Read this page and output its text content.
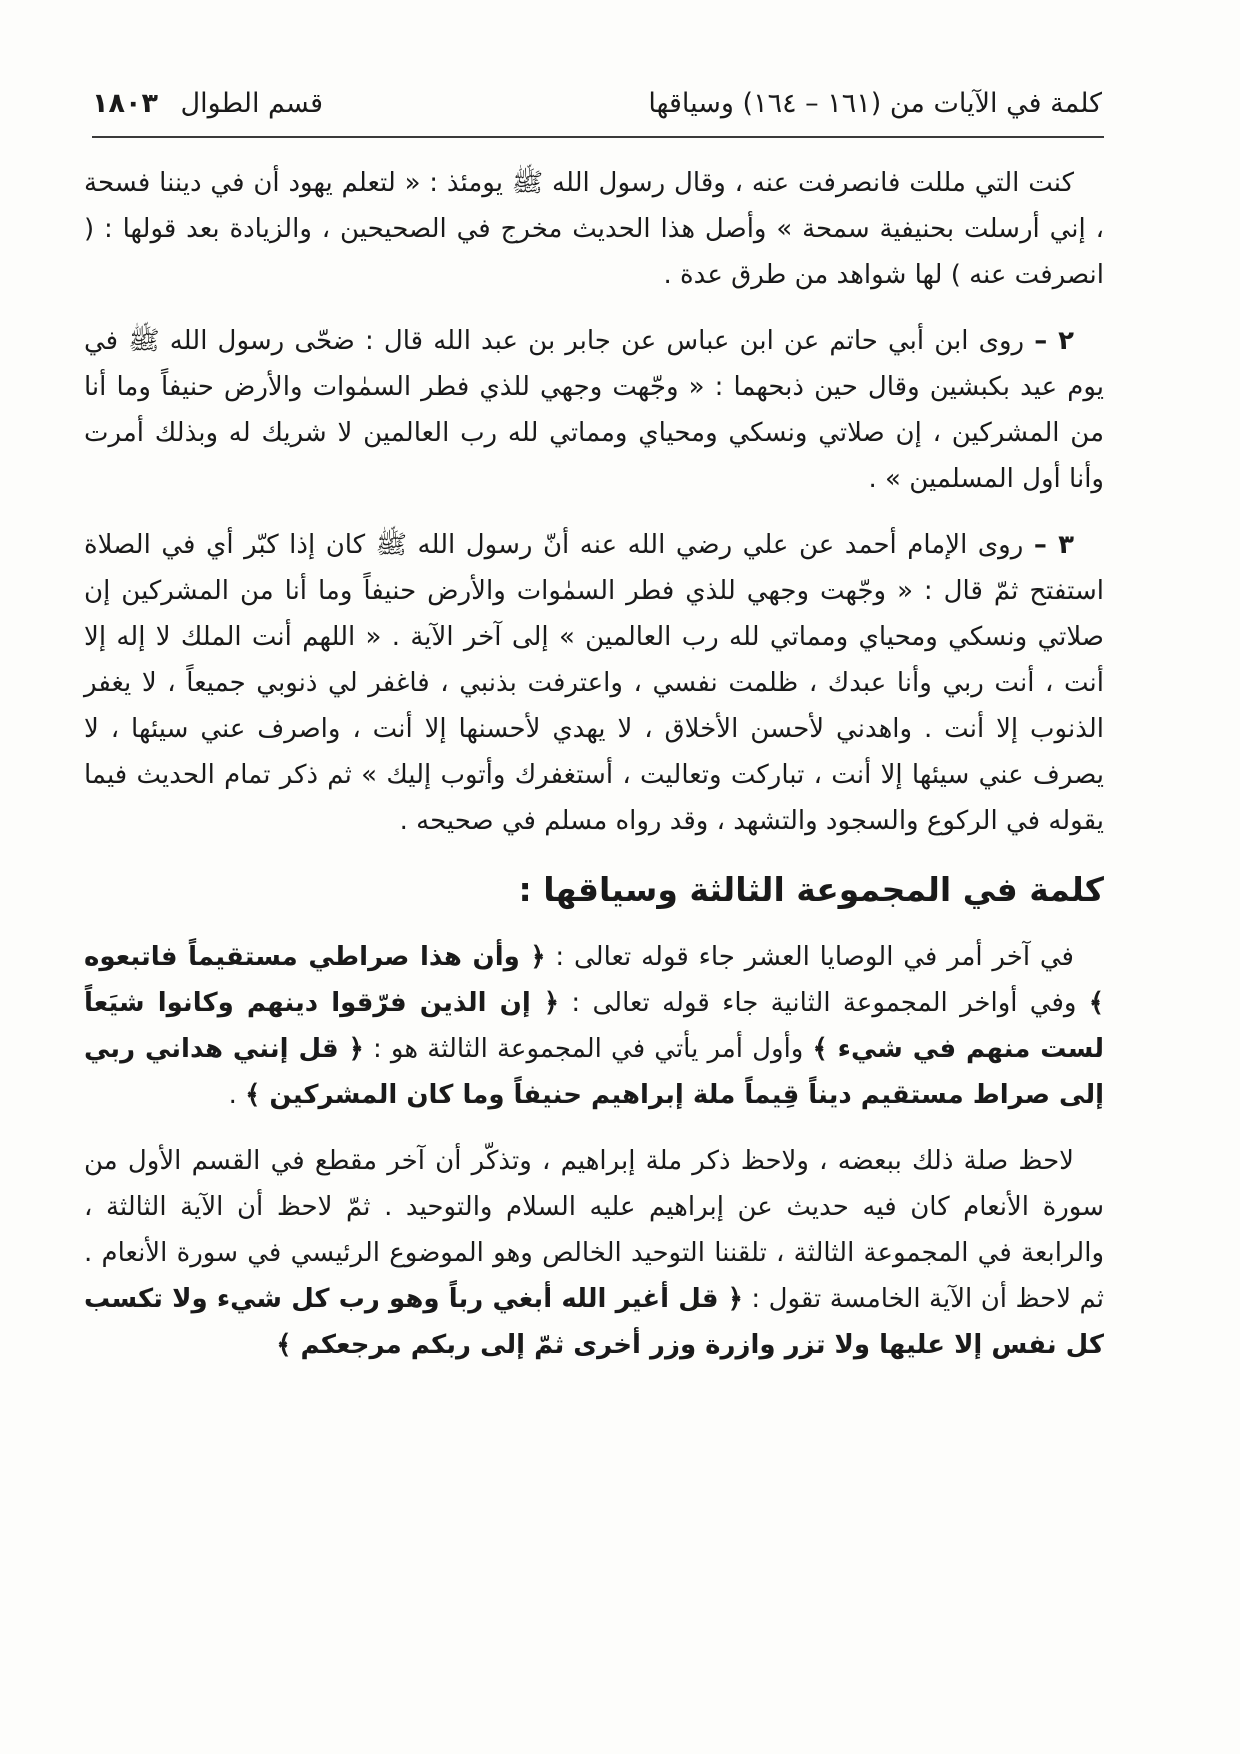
كلمة في الآيات من (١٦١ – ١٦٤) وسياقها
قسم الطوال ١٨٠٣

كنت التي مللت فانصرفت عنه ، وقال رسول الله ﷺ يومئذ : « لتعلم يهود أن في ديننا فسحة ، إني أرسلت بحنيفية سمحة » وأصل هذا الحديث مخرج في الصحيحين ، والزيادة بعد قولها : ( انصرفت عنه ) لها شواهد من طرق عدة .

٢ – روى ابن أبي حاتم عن ابن عباس عن جابر بن عبد الله قال : ضحّى رسول الله ﷺ في يوم عيد بكبشين وقال حين ذبحهما : « وجّهت وجهي للذي فطر السمٰوات والأرض حنيفاً وما أنا من المشركين ، إن صلاتي ونسكي ومحياي ومماتي لله رب العالمين لا شريك له وبذلك أمرت وأنا أول المسلمين » .

٣ – روى الإمام أحمد عن علي رضي الله عنه أنّ رسول الله ﷺ كان إذا كبّر أي في الصلاة استفتح ثمّ قال : « وجّهت وجهي للذي فطر السمٰوات والأرض حنيفاً وما أنا من المشركين إن صلاتي ونسكي ومحياي ومماتي لله رب العالمين » إلى آخر الآية . « اللهم أنت الملك لا إله إلا أنت ، أنت ربي وأنا عبدك ، ظلمت نفسي ، واعترفت بذنبي ، فاغفر لي ذنوبي جميعاً ، لا يغفر الذنوب إلا أنت . واهدني لأحسن الأخلاق ، لا يهدي لأحسنها إلا أنت ، واصرف عني سيئها ، لا يصرف عني سيئها إلا أنت ، تباركت وتعاليت ، أستغفرك وأتوب إليك » ثم ذكر تمام الحديث فيما يقوله في الركوع والسجود والتشهد ، وقد رواه مسلم في صحيحه .

كلمة في المجموعة الثالثة وسياقها :

في آخر أمر في الوصايا العشر جاء قوله تعالى : ﴿ وأن هذا صراطي مستقيماً فاتبعوه ﴾ وفي أواخر المجموعة الثانية جاء قوله تعالى : ﴿ إن الذين فرّقوا دينهم وكانوا شيَعاً لست منهم في شيء ﴾ وأول أمر يأتي في المجموعة الثالثة هو : ﴿ قل إنني هداني ربي إلى صراط مستقيم ديناً قِيماً ملة إبراهيم حنيفاً وما كان المشركين ﴾ .

لاحظ صلة ذلك ببعضه ، ولاحظ ذكر ملة إبراهيم ، وتذكّر أن آخر مقطع في القسم الأول من سورة الأنعام كان فيه حديث عن إبراهيم عليه السلام والتوحيد . ثمّ لاحظ أن الآية الثالثة ، والرابعة في المجموعة الثالثة ، تلقننا التوحيد الخالص وهو الموضوع الرئيسي في سورة الأنعام . ثم لاحظ أن الآية الخامسة تقول : ﴿ قل أغير الله أبغي رباً وهو رب كل شيء ولا تكسب كل نفس إلا عليها ولا تزر وازرة وزر أخرى ثمّ إلى ربكم مرجعكم ﴾
